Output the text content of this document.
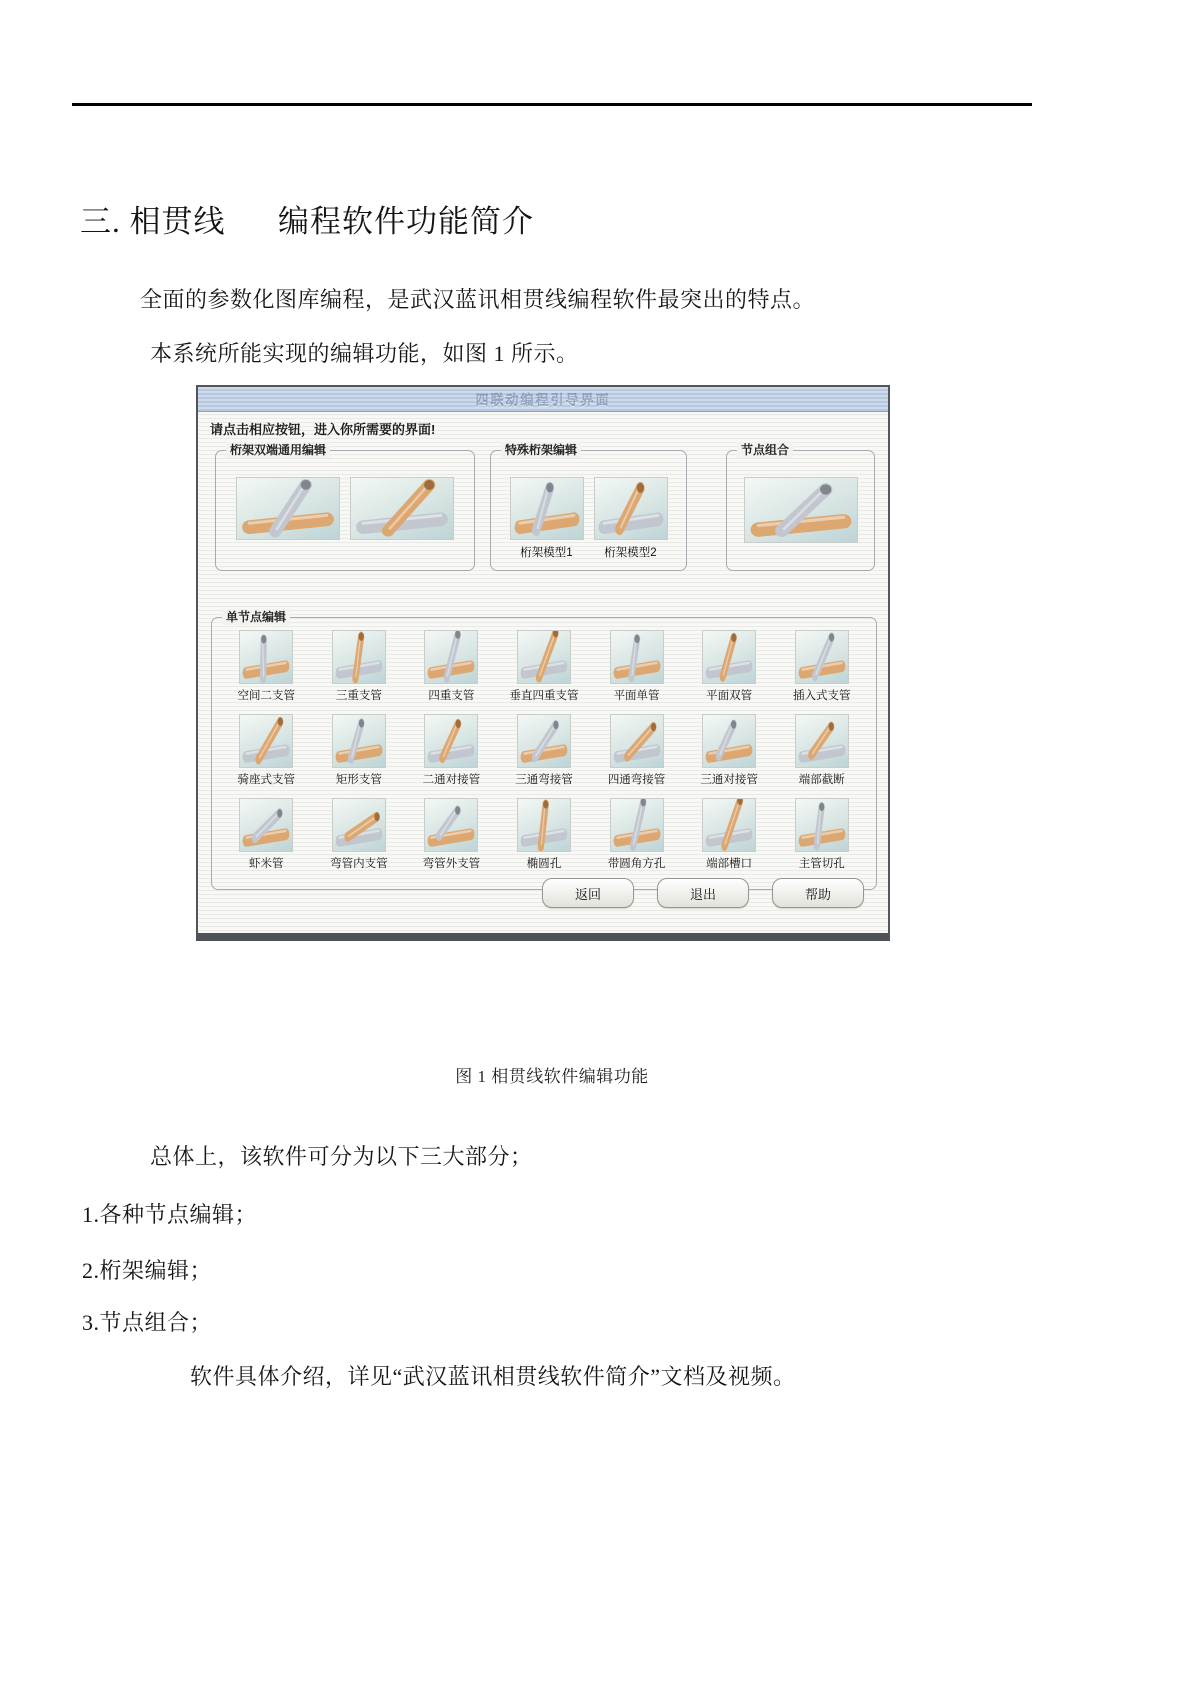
三. 相贯线      编程软件功能简介
全面的参数化图库编程，是武汉蓝讯相贯线编程软件最突出的特点。
本系统所能实现的编辑功能，如图 1 所示。
四联动编程引导界面
请点击相应按钮，进入你所需要的界面!
桁架双端通用编辑	特殊桁架编辑
桁架模型1	桁架模型2
节点组合
单节点编辑
空间二支管	三重支管	四重支管	垂直四重支管	平面单管	平面双管	插入式支管
骑座式支管	矩形支管	二通对接管	三通弯接管	四通弯接管	三通对接管	端部截断
虾米管	弯管内支管	弯管外支管	椭圆孔	带圆角方孔	端部槽口	主管切孔
返回	退出	帮助
图 1 相贯线软件编辑功能
总体上，该软件可分为以下三大部分；
1.各种节点编辑；
2.桁架编辑；
3.节点组合；
软件具体介绍，详见“武汉蓝讯相贯线软件简介”文档及视频。
